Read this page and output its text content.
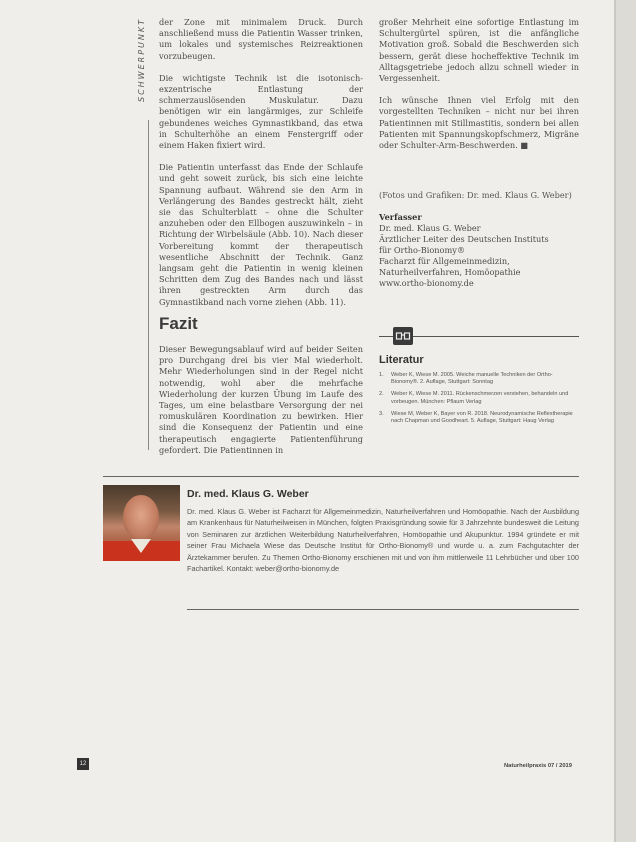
SCHWERPUNKT der Zone mit minimalem Druck. Durch anschließend muss die Patientin Wasser trinken, um lokales und systemisches Reizreaktionen vorzubeugen.

Die wichtigste Technik ist die isotonisch-exzentrische Entlastung der schmerzauslösenden Muskulatur. Dazu benötigen wir ein langärmiges, zur Schleife gebundenes weiches Gymnastikband, das etwa in Schulterhöhe an einem Fenstergriff oder einem Haken fixiert wird.

Die Patientin unterfasst das Ende der Schlaufe und geht soweit zurück, bis sich eine leichte Spannung aufbaut. Während sie den Arm in Verlängerung des Bandes gestreckt hält, zieht sie das Schulterblatt – ohne die Schulter anzuheben oder den Ellbogen auszuwinkeln – in Richtung der Wirbelsäule (Abb. 10). Nach dieser Vorbereitung kommt der therapeutisch wesentliche Abschnitt der Technik. Ganz langsam geht die Patientin in wenig kleinen Schritten dem Zug des Bandes nach und lässt ihren gestreckten Arm durch das Gymnastikband nach vorne ziehen (Abb. 11).

Fazit
Dieser Bewegungsablauf wird auf beider Seiten pro Durchgang drei bis vier Mal wiederholt. Mehr Wiederholungen sind in der Regel nicht notwendig, wohl aber die mehrfache Wiederholung der kurzen Übung im Laufe des Tages, um eine belastbare Versorgung der nei romuskulären Koordination zu bewirken. Hier sind die Konsequenz der Patientin und eine therapeutisch engagierte Patientenführung gefordert. Die Patientinnen in

großer Mehrheit eine sofortige Entlastung im Schultergürtel spüren, ist die anfängliche Motivation groß. Sobald die Beschwerden sich bessern, gerät diese hocheffektive Technik im Alltagsgetriebe jedoch allzu schnell wieder in Vergessenheit.

Ich wünsche Ihnen viel Erfolg mit den vorgestellten Techniken – nicht nur bei ihren Patientinnen mit Stillmastitis, sondern bei allen Patienten mit Spannungskopfschmerz, Migräne oder Schulter-Arm-Beschwerden. ■

(Fotos und Grafiken: Dr. med. Klaus G. Weber)
Verfasser
Dr. med. Klaus G. Weber
Ärztlicher Leiter des Deutschen Instituts
für Ortho-Bionomy®
Facharzt für Allgemeinmedizin,
Naturheilverfahren, Homöopathie
www.ortho-bionomy.de
Literatur
1.	Weber K, Wiese M. 2005. Weiche manuelle Techniken der Ortho-Bionomy®. 2. Auflage, Stuttgart: Sonntag
2.	Weber K, Wiese M. 2011. Rückenschmerzen verstehen, behandeln und vorbeugen. München: Pflaum Verlag
3.	Wiese M, Weber K, Bayer von R. 2018. Neurodynamische Reflextherapie nach Chapman und Goodheart. 5. Auflage, Stuttgart: Haug Verlag
Dr. med. Klaus G. Weber
Dr. med. Klaus G. Weber ist Facharzt für Allgemeinmedizin, Naturheilverfahren und Homöopathie. Nach der Ausbildung am Krankenhaus für Naturheilweisen in München, folgten Praxisgründung sowie für 3 Jahrzehnte bundesweit die Leitung von Seminaren zur ärztlichen Weiterbildung Naturheilverfahren, Homöopathie und Akupunktur. 1994 gründete er mit seiner Frau Michaela Wiese das Deutsche Institut für Ortho-Bionomy® und wurde u. a. zum Fachgutachter der Ärztekammer berufen. Zu Themen Ortho-Bionomy erschienen mit und von ihm mittlerweile 11 Lehrbücher und über 100 Fachartikel. Kontakt: weber@ortho-bionomy.de
12	Naturheilpraxis 07 / 2019
